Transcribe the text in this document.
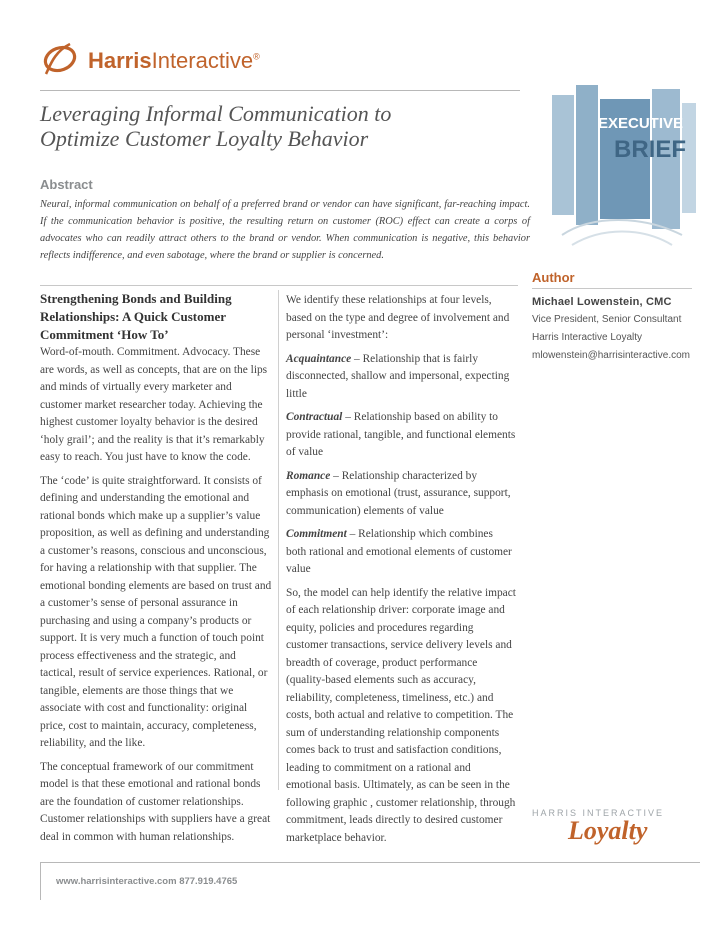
HarrisInteractive®
Leveraging Informal Communication to
Optimize Customer Loyalty Behavior
EXECUTIVE
BRIEF
Abstract
Neural, informal communication on behalf of a preferred brand or vendor can have significant, far-reaching impact. If the communication behavior is positive, the resulting return on customer (ROC) effect can create a corps of advocates who can readily attract others to the brand or vendor. When communication is negative, this behavior reflects indifference, and even sabotage, where the brand or supplier is concerned.
Author
Michael Lowenstein, CMC
Vice President, Senior Consultant
Harris Interactive Loyalty
mlowenstein@harrisinteractive.com

Strengthening Bonds and Building Relationships: A Quick Customer Commitment ‘How To’

Word-of-mouth. Commitment. Advocacy. These are words, as well as concepts, that are on the lips and minds of virtually every marketer and customer market researcher today. Achieving the highest customer loyalty behavior is the desired ‘holy grail’; and the reality is that it’s remarkably easy to reach. You just have to know the code.

The ‘code’ is quite straightforward. It consists of defining and understanding the emotional and rational bonds which make up a supplier’s value proposition, as well as defining and understanding a customer’s reasons, conscious and unconscious, for having a relationship with that supplier. The emotional bonding elements are based on trust and a customer’s sense of personal assurance in purchasing and using a company’s products or support. It is very much a function of touch point process effectiveness and the strategic, and tactical, result of service experiences. Rational, or tangible, elements are those things that we associate with cost and functionality: original price, cost to maintain, accuracy, completeness, reliability, and the like.

The conceptual framework of our commitment model is that these emotional and rational bonds are the foundation of customer relationships. Customer relationships with suppliers have a great deal in common with human relationships.

We identify these relationships at four levels, based on the type and degree of involvement and personal ‘investment’:

Acquaintance – Relationship that is fairly disconnected, shallow and impersonal, expecting little

Contractual – Relationship based on ability to provide rational, tangible, and functional elements of value

Romance – Relationship characterized by emphasis on emotional (trust, assurance, support, communication) elements of value

Commitment – Relationship which combines both rational and emotional elements of customer value

So, the model can help identify the relative impact of each relationship driver: corporate image and equity, policies and procedures regarding customer transactions, service delivery levels and breadth of coverage, product performance (quality-based elements such as accuracy, reliability, completeness, timeliness, etc.) and costs, both actual and relative to competition. The sum of understanding relationship components comes back to trust and satisfaction conditions, leading to commitment on a rational and emotional basis. Ultimately, as can be seen in the following graphic , customer relationship, through commitment, leads directly to desired customer marketplace behavior.

HARRIS INTERACTIVE
Loyalty
www.harrisinteractive.com 877.919.4765
